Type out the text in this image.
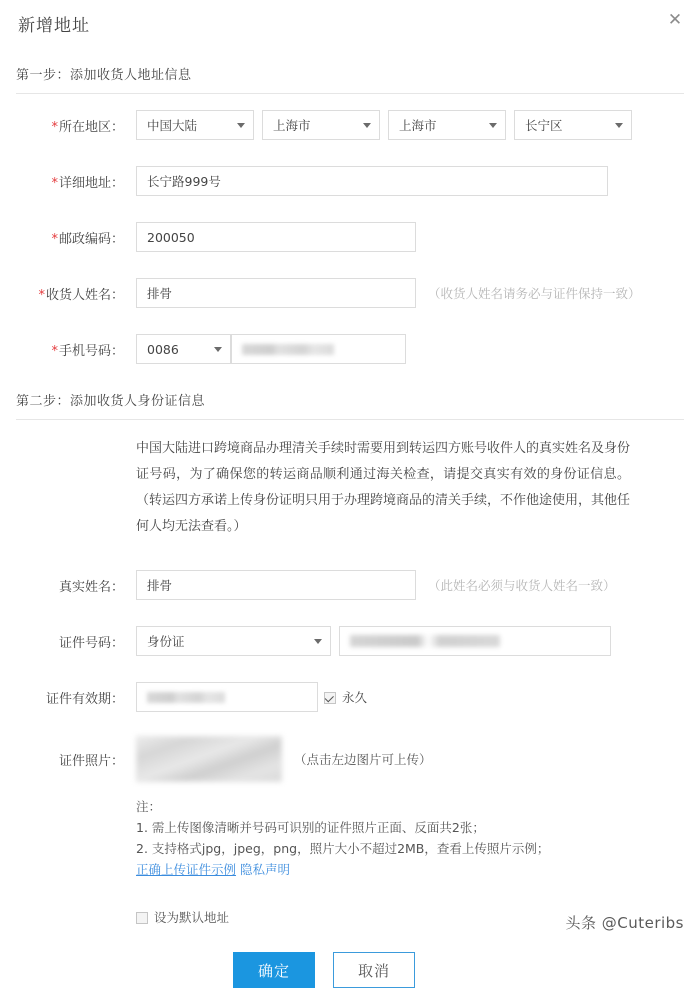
新增地址	✕
第一步：添加收货人地址信息
*所在地区：	中国大陆	上海市	上海市	长宁区
*详细地址：	长宁路999号
*邮政编码：	200050
*收货人姓名：	排骨	（收货人姓名请务必与证件保持一致）
*手机号码：	0086
第二步：添加收货人身份证信息
中国大陆进口跨境商品办理清关手续时需要用到转运四方账号收件人的真实姓名及身份证号码，为了确保您的转运商品顺利通过海关检查，请提交真实有效的身份证信息。（转运四方承诺上传身份证明只用于办理跨境商品的清关手续，不作他途使用，其他任何人均无法查看。）
真实姓名：	排骨	（此姓名必须与收货人姓名一致）
证件号码：	身份证
证件有效期：	永久
证件照片：	（点击左边图片可上传）
注：
1. 需上传图像清晰并号码可识别的证件照片正面、反面共2张；
2. 支持格式jpg，jpeg，png，照片大小不超过2MB，查看上传照片示例；
正确上传证件示例 隐私声明
设为默认地址
确定	取消
头条 @Cuteribs
